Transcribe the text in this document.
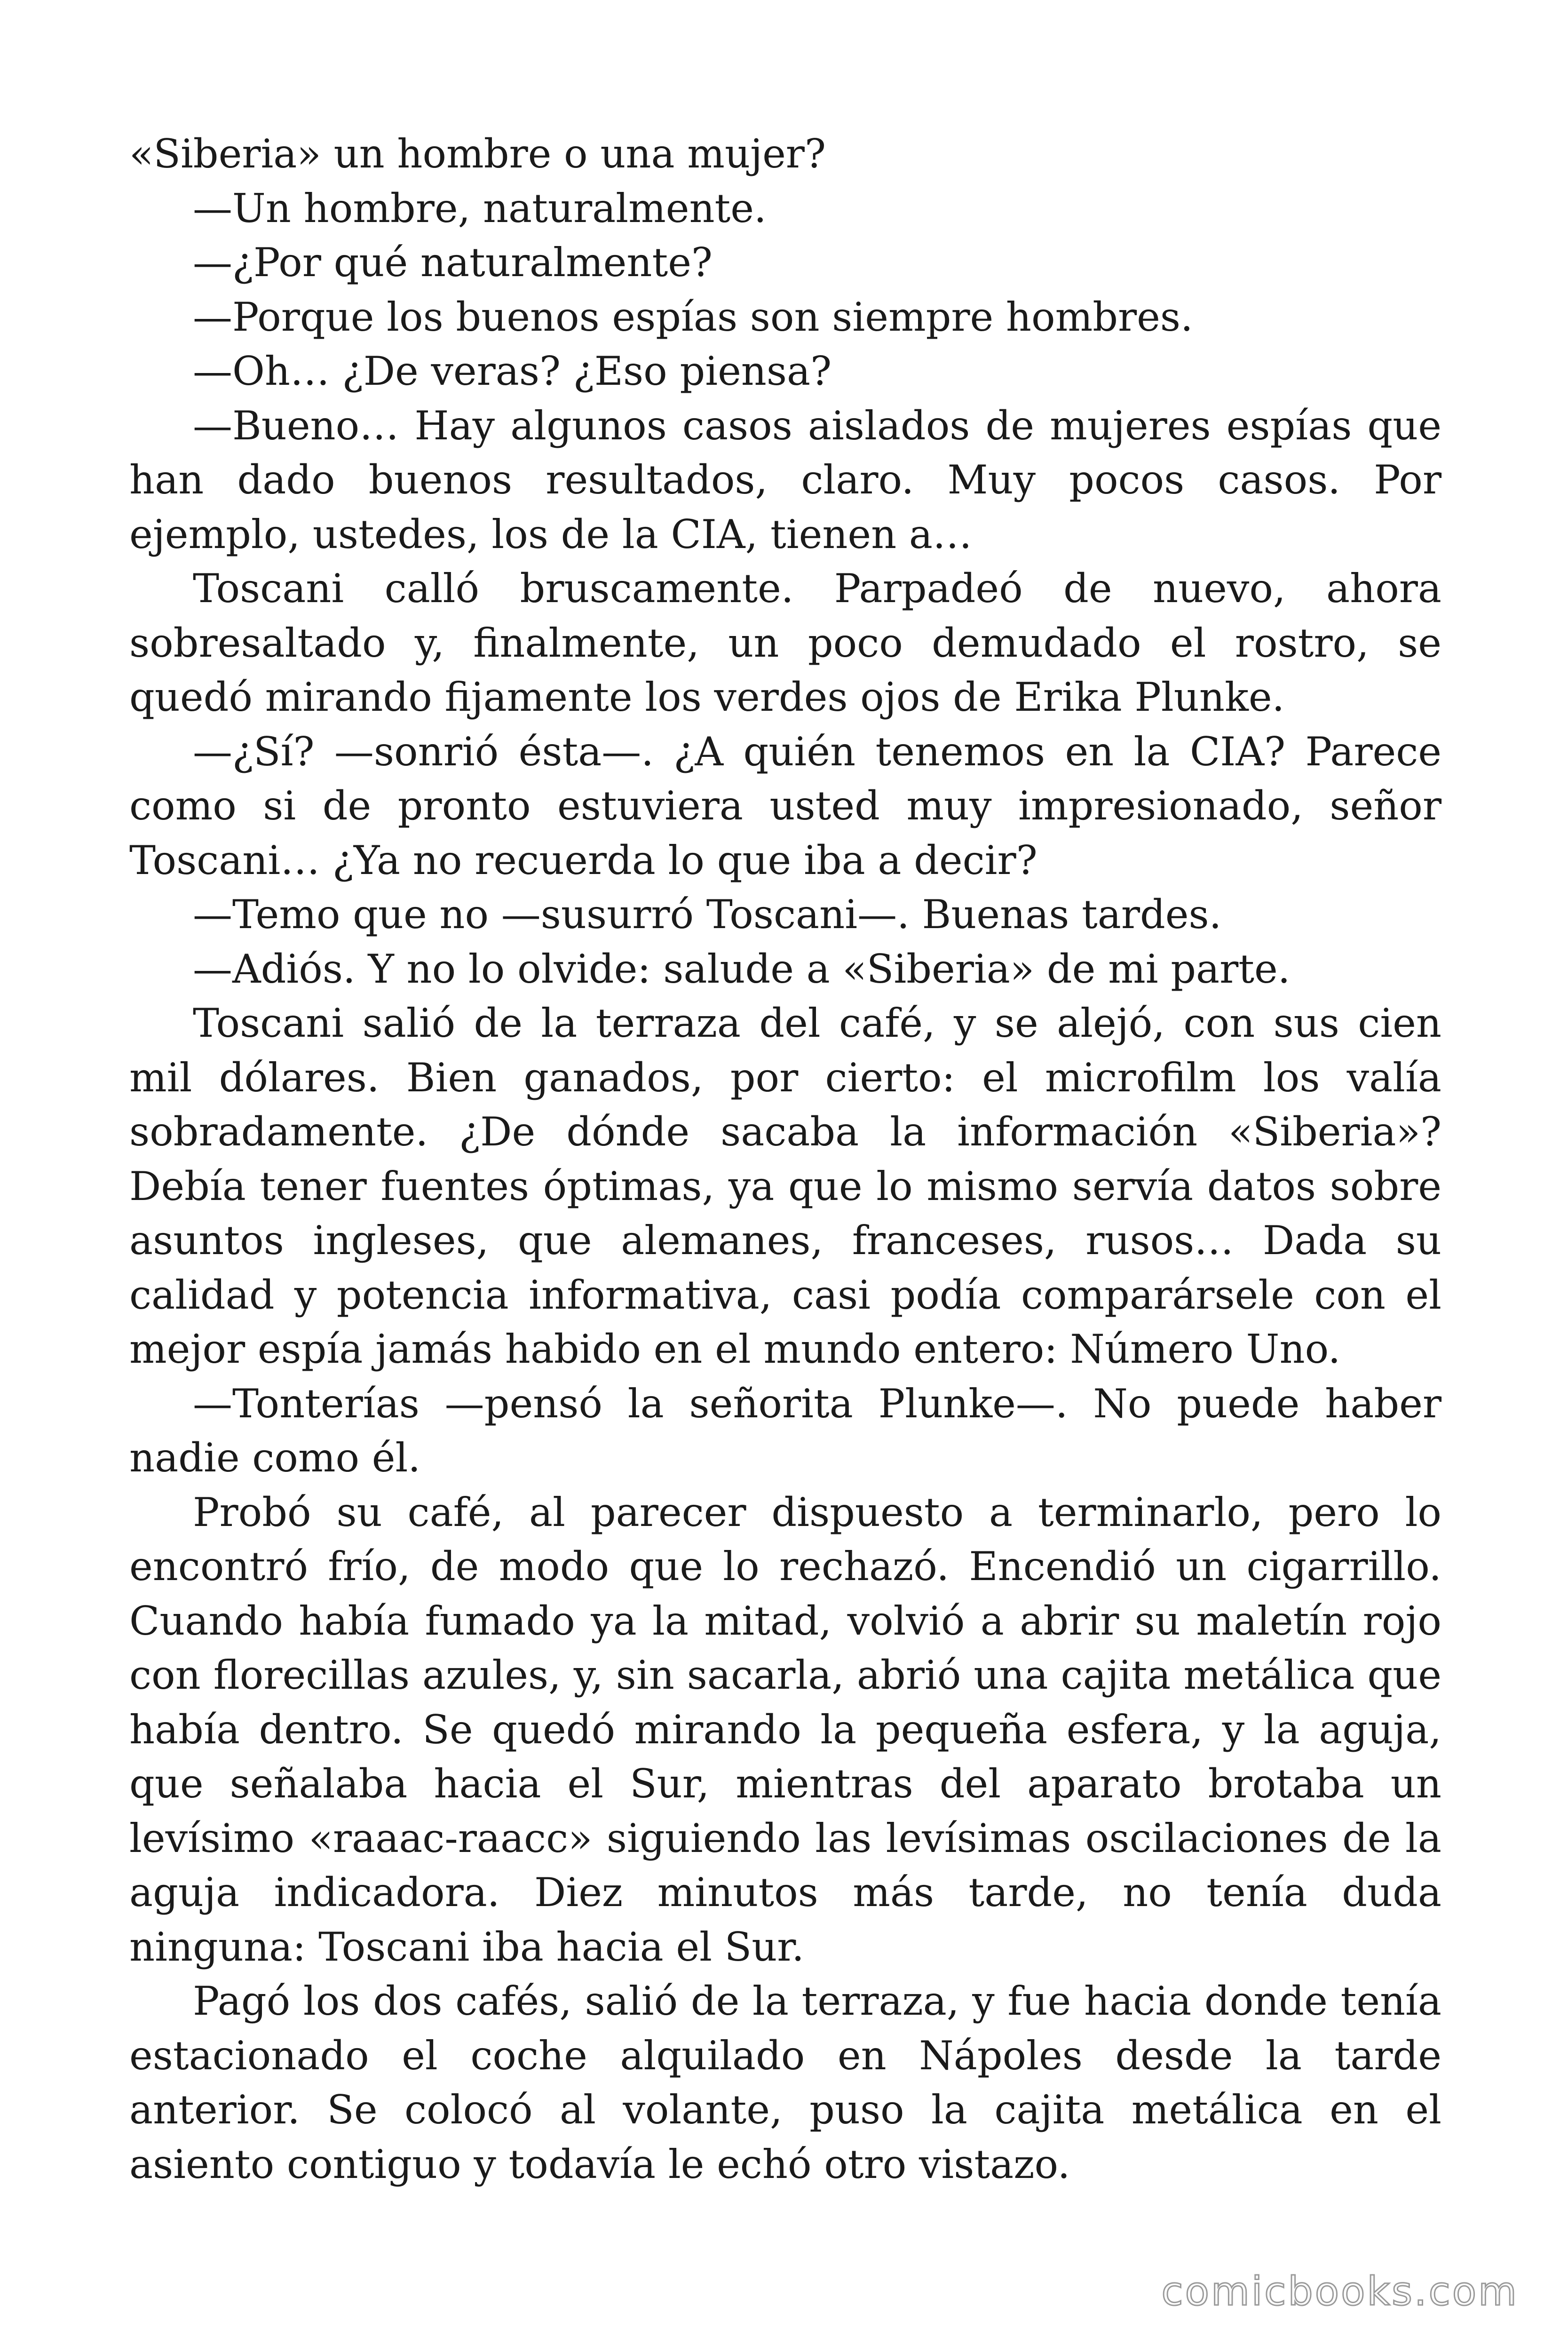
«Siberia» un hombre o una mujer?

—Un hombre, naturalmente.

—¿Por qué naturalmente?

—Porque los buenos espías son siempre hombres.

—Oh… ¿De veras? ¿Eso piensa?

—Bueno… Hay algunos casos aislados de mujeres espías que han dado buenos resultados, claro. Muy pocos casos. Por ejemplo, ustedes, los de la CIA, tienen a…

Toscani calló bruscamente. Parpadeó de nuevo, ahora sobresaltado y, finalmente, un poco demudado el rostro, se quedó mirando fijamente los verdes ojos de Erika Plunke.

—¿Sí? —sonrió ésta—. ¿A quién tenemos en la CIA? Parece como si de pronto estuviera usted muy impresionado, señor Toscani… ¿Ya no recuerda lo que iba a decir?

—Temo que no —susurró Toscani—. Buenas tardes.

—Adiós. Y no lo olvide: salude a «Siberia» de mi parte.

Toscani salió de la terraza del café, y se alejó, con sus cien mil dólares. Bien ganados, por cierto: el microfilm los valía sobradamente. ¿De dónde sacaba la información «Siberia»? Debía tener fuentes óptimas, ya que lo mismo servía datos sobre asuntos ingleses, que alemanes, franceses, rusos… Dada su calidad y potencia informativa, casi podía comparársele con el mejor espía jamás habido en el mundo entero: Número Uno.

—Tonterías —pensó la señorita Plunke—. No puede haber nadie como él.

Probó su café, al parecer dispuesto a terminarlo, pero lo encontró frío, de modo que lo rechazó. Encendió un cigarrillo. Cuando había fumado ya la mitad, volvió a abrir su maletín rojo con florecillas azules, y, sin sacarla, abrió una cajita metálica que había dentro. Se quedó mirando la pequeña esfera, y la aguja, que señalaba hacia el Sur, mientras del aparato brotaba un levísimo «raaac-raacc» siguiendo las levísimas oscilaciones de la aguja indicadora. Diez minutos más tarde, no tenía duda ninguna: Toscani iba hacia el Sur.

Pagó los dos cafés, salió de la terraza, y fue hacia donde tenía estacionado el coche alquilado en Nápoles desde la tarde anterior. Se colocó al volante, puso la cajita metálica en el asiento contiguo y todavía le echó otro vistazo.

comicbooks.com
